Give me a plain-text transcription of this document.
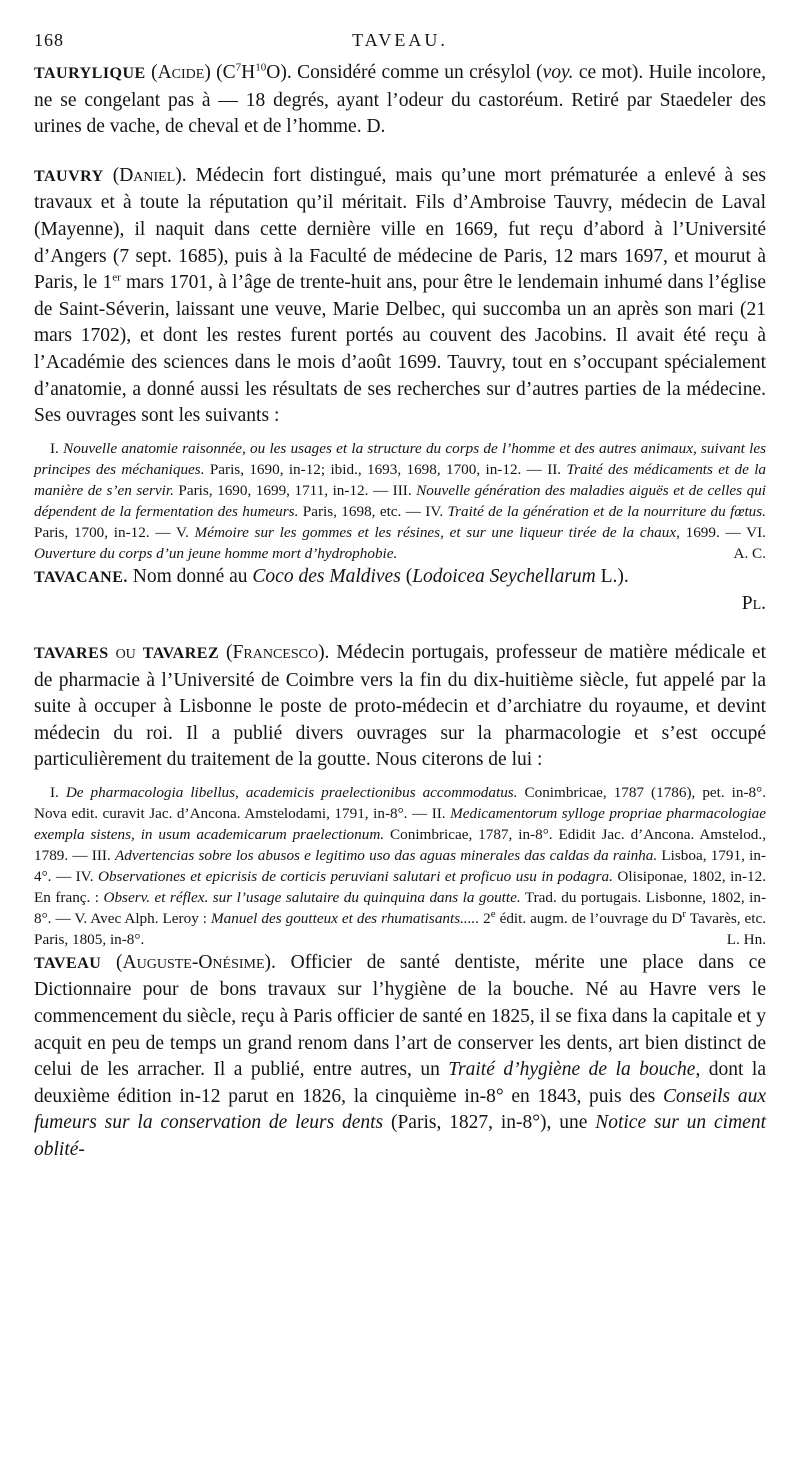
168	TAVEAU.

TAURYLIQUE (Acide) $(C^7H^{10}O)$. Considéré comme un crésylol (voy. ce mot). Huile incolore, ne se congelant pas à — 18 degrés, ayant l’odeur du castoréum. Retiré par Staedeler des urines de vache, de cheval et de l’homme. D.

TAUVRY (Daniel). Médecin fort distingué, mais qu’une mort prématurée a enlevé à ses travaux et à toute la réputation qu’il méritait. Fils d’Ambroise Tauvry, médecin de Laval (Mayenne), il naquit dans cette dernière ville en 1669, fut reçu d’abord à l’Université d’Angers (7 sept. 1685), puis à la Faculté de médecine de Paris, 12 mars 1697, et mourut à Paris, le 1er mars 1701, à l’âge de trente-huit ans, pour être le lendemain inhumé dans l’église de Saint-Séverin, laissant une veuve, Marie Delbec, qui succomba un an après son mari (21 mars 1702), et dont les restes furent portés au couvent des Jacobins. Il avait été reçu à l’Académie des sciences dans le mois d’août 1699. Tauvry, tout en s’occupant spécialement d’anatomie, a donné aussi les résultats de ses recherches sur d’autres parties de la médecine. Ses ouvrages sont les suivants :

I. Nouvelle anatomie raisonnée, ou les usages et la structure du corps de l’homme et des autres animaux, suivant les principes des méchaniques. Paris, 1690, in-12; ibid., 1693, 1698, 1700, in-12. — II. Traité des médicaments et de la manière de s’en servir. Paris, 1690, 1699, 1711, in-12. — III. Nouvelle génération des maladies aiguës et de celles qui dépendent de la fermentation des humeurs. Paris, 1698, etc. — IV. Traité de la génération et de la nourriture du fœtus. Paris, 1700, in-12. — V. Mémoire sur les gommes et les résines, et sur une liqueur tirée de la chaux, 1699. — VI. Ouverture du corps d’un jeune homme mort d’hydrophobie.	A. C.

TAVACANE. Nom donné au Coco des Maldives (Lodoicea Seychellarum L.).

Pl.

TAVARES ou TAVAREZ (Francesco). Médecin portugais, professeur de matière médicale et de pharmacie à l’Université de Coimbre vers la fin du dix-huitième siècle, fut appelé par la suite à occuper à Lisbonne le poste de proto-médecin et d’archiatre du royaume, et devint médecin du roi. Il a publié divers ouvrages sur la pharmacologie et s’est occupé particulièrement du traitement de la goutte. Nous citerons de lui :

I. De pharmacologia libellus, academicis praelectionibus accommodatus. Conimbricae, 1787 (1786), pet. in-8°. Nova edit. curavit Jac. d’Ancona. Amstelodami, 1791, in-8°. — II. Medicamentorum sylloge propriae pharmacologiae exempla sistens, in usum academicarum praelectionum. Conimbricae, 1787, in-8°. Edidit Jac. d’Ancona. Amstelod., 1789. — III. Advertencias sobre los abusos e legitimo uso das aguas minerales das caldas da rainha. Lisboa, 1791, in-4°. — IV. Observationes et epicrisis de corticis peruviani salutari et proficuo usu in podagra. Olisiponae, 1802, in-12. En franç. : Observ. et réflex. sur l’usage salutaire du quinquina dans la goutte. Trad. du portugais. Lisbonne, 1802, in-8°. — V. Avec Alph. Leroy : Manuel des goutteux et des rhumatisants..... 2e édit. augm. de l’ouvrage du $D^r$ Tavarès, etc. Paris, 1805, in-8°.	L. Hn.

TAVEAU (Auguste-Onésime). Officier de santé dentiste, mérite une place dans ce Dictionnaire pour de bons travaux sur l’hygiène de la bouche. Né au Havre vers le commencement du siècle, reçu à Paris officier de santé en 1825, il se fixa dans la capitale et y acquit en peu de temps un grand renom dans l’art de conserver les dents, art bien distinct de celui de les arracher. Il a publié, entre autres, un Traité d’hygiène de la bouche, dont la deuxième édition in-12 parut en 1826, la cinquième in-8° en 1843, puis des Conseils aux fumeurs sur la conservation de leurs dents (Paris, 1827, in-8°), une Notice sur un ciment oblité-
